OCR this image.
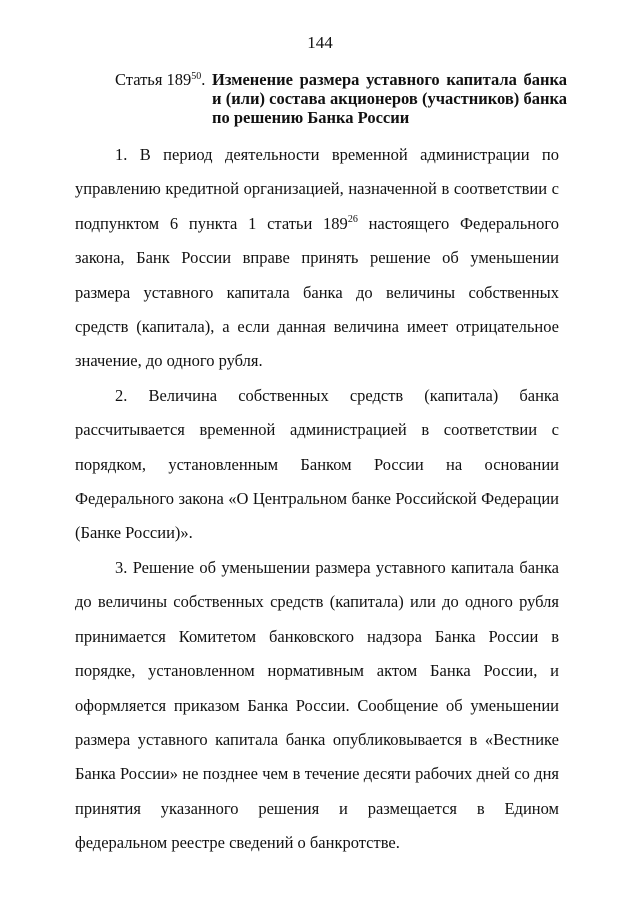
144
Статья $189^{50}$. Изменение размера уставного капитала банка и (или) состава акционеров (участников) банка по решению Банка России

1. В период деятельности временной администрации по управлению кредитной организацией, назначенной в соответствии с подпунктом 6 пункта 1 статьи $189^{26}$ настоящего Федерального закона, Банк России вправе принять решение об уменьшении размера уставного капитала банка до величины собственных средств (капитала), а если данная величина имеет отрицательное значение, до одного рубля.

2. Величина собственных средств (капитала) банка рассчитывается временной администрацией в соответствии с порядком, установленным Банком России на основании Федерального закона «О Центральном банке Российской Федерации (Банке России)».

3. Решение об уменьшении размера уставного капитала банка до величины собственных средств (капитала) или до одного рубля принимается Комитетом банковского надзора Банка России в порядке, установленном нормативным актом Банка России, и оформляется приказом Банка России. Сообщение об уменьшении размера уставного капитала банка опубликовывается в «Вестнике Банка России» не позднее чем в течение десяти рабочих дней со дня принятия указанного решения и размещается в Едином федеральном реестре сведений о банкротстве.
